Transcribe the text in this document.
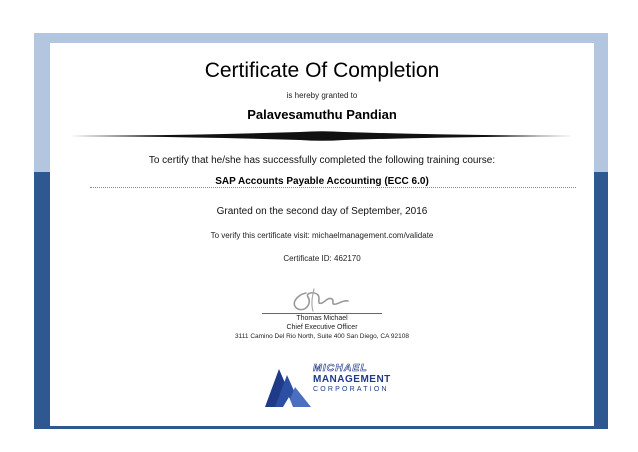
Certificate Of Completion
is hereby granted to
Palavesamuthu Pandian
To certify that he/she has successfully completed the following training course:
SAP Accounts Payable Accounting (ECC 6.0)
Granted on the second day of September, 2016
To verify this certificate visit: michaelmanagement.com/validate
Certificate ID: 462170
Thomas Michael
Chief Executive Officer
3111 Camino Del Rio North, Suite 400 San Diego, CA 92108
MICHAEL
MANAGEMENT
CORPORATION
